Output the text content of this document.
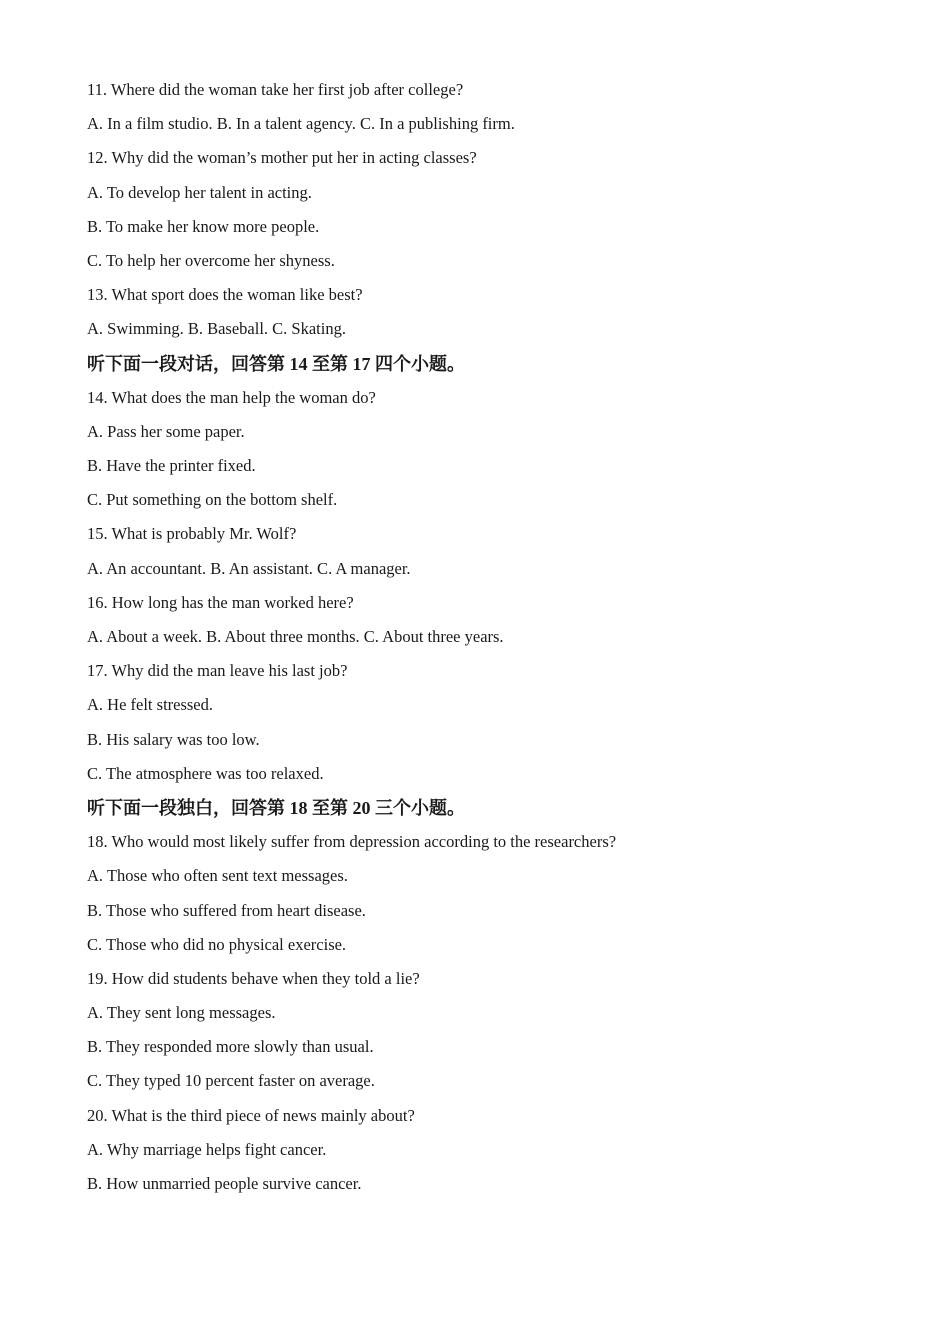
11. Where did the woman take her first job after college?
A. In a film studio. B. In a talent agency. C. In a publishing firm.
12. Why did the woman’s mother put her in acting classes?
A. To develop her talent in acting.
B. To make her know more people.
C. To help her overcome her shyness.
13. What sport does the woman like best?
A. Swimming. B. Baseball. C. Skating.
听下面一段对话，回答第 14 至第 17 四个小题。
14. What does the man help the woman do?
A. Pass her some paper.
B. Have the printer fixed.
C. Put something on the bottom shelf.
15. What is probably Mr. Wolf?
A. An accountant. B. An assistant. C. A manager.
16. How long has the man worked here?
A. About a week. B. About three months. C. About three years.
17. Why did the man leave his last job?
A. He felt stressed.
B. His salary was too low.
C. The atmosphere was too relaxed.
听下面一段独白，回答第 18 至第 20 三个小题。
18. Who would most likely suffer from depression according to the researchers?
A. Those who often sent text messages.
B. Those who suffered from heart disease.
C. Those who did no physical exercise.
19. How did students behave when they told a lie?
A. They sent long messages.
B. They responded more slowly than usual.
C. They typed 10 percent faster on average.
20. What is the third piece of news mainly about?
A. Why marriage helps fight cancer.
B. How unmarried people survive cancer.
